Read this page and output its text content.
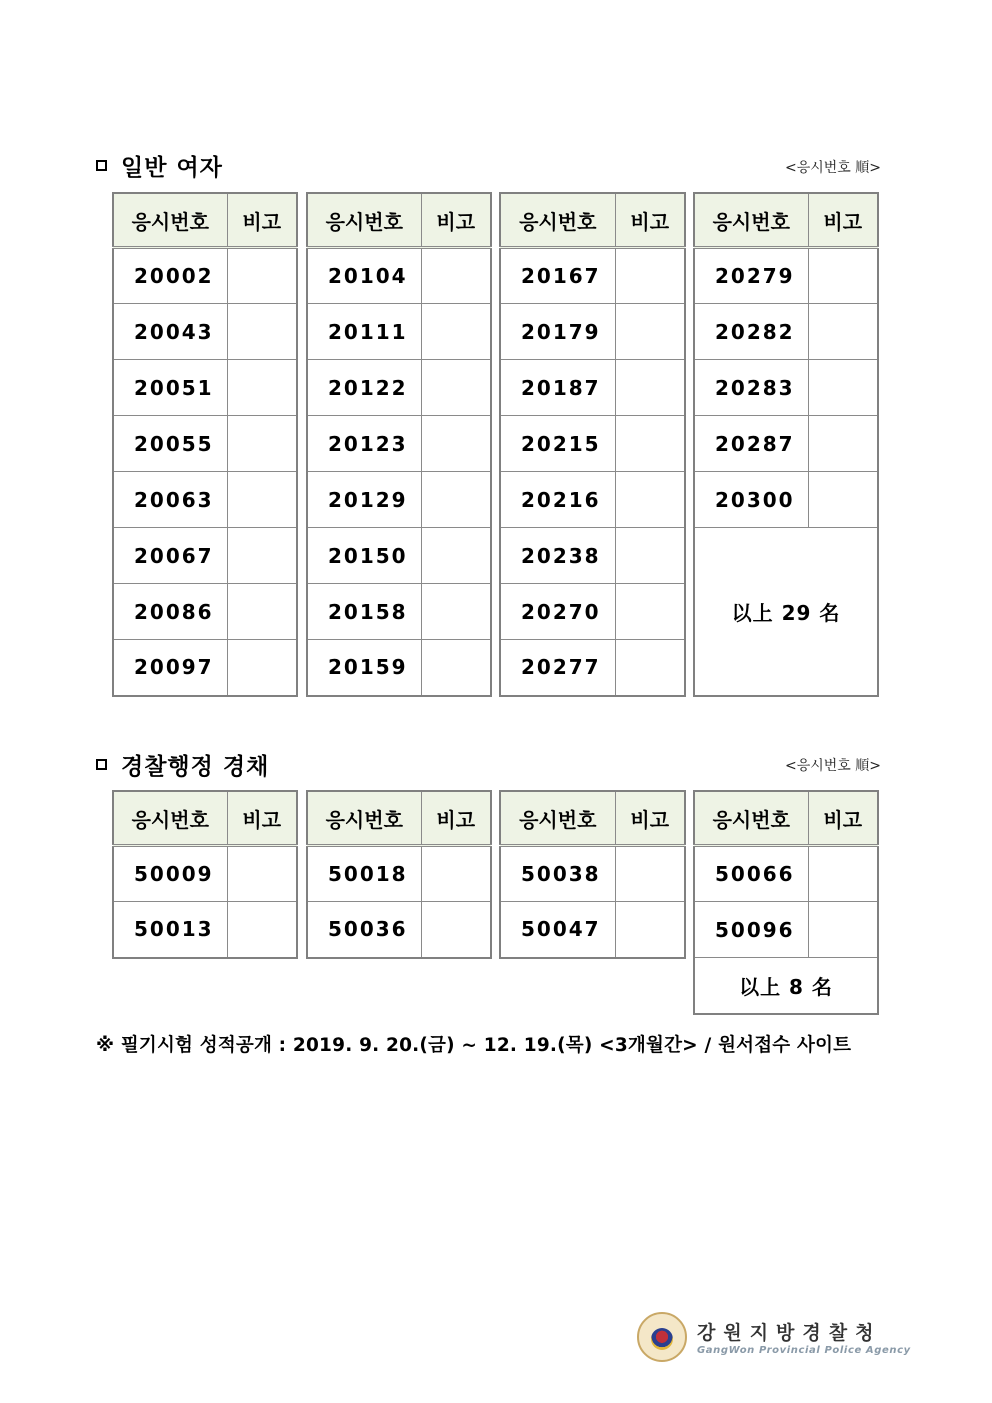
일반 여자	<응시번호 順>
응시번호	비고
20002	
20043	
20051	
20055	
20063	
20067	
20086	
20097	
응시번호	비고
20104	
20111	
20122	
20123	
20129	
20150	
20158	
20159	
응시번호	비고
20167	
20179	
20187	
20215	
20216	
20238	
20270	
20277	
응시번호	비고
20279	
20282	
20283	
20287	
20300	
以上 29 名	
경찰행정 경채	<응시번호 順>
응시번호	비고
50009	
50013	
응시번호	비고
50018	
50036	
응시번호	비고
50038	
50047	
응시번호	비고
50066	
50096	
以上 8 名	
※ 필기시험 성적공개 : 2019. 9. 20.(금) ~ 12. 19.(목) <3개월간> / 원서접수 사이트
강원지방경찰청
GangWon Provincial Police Agency
